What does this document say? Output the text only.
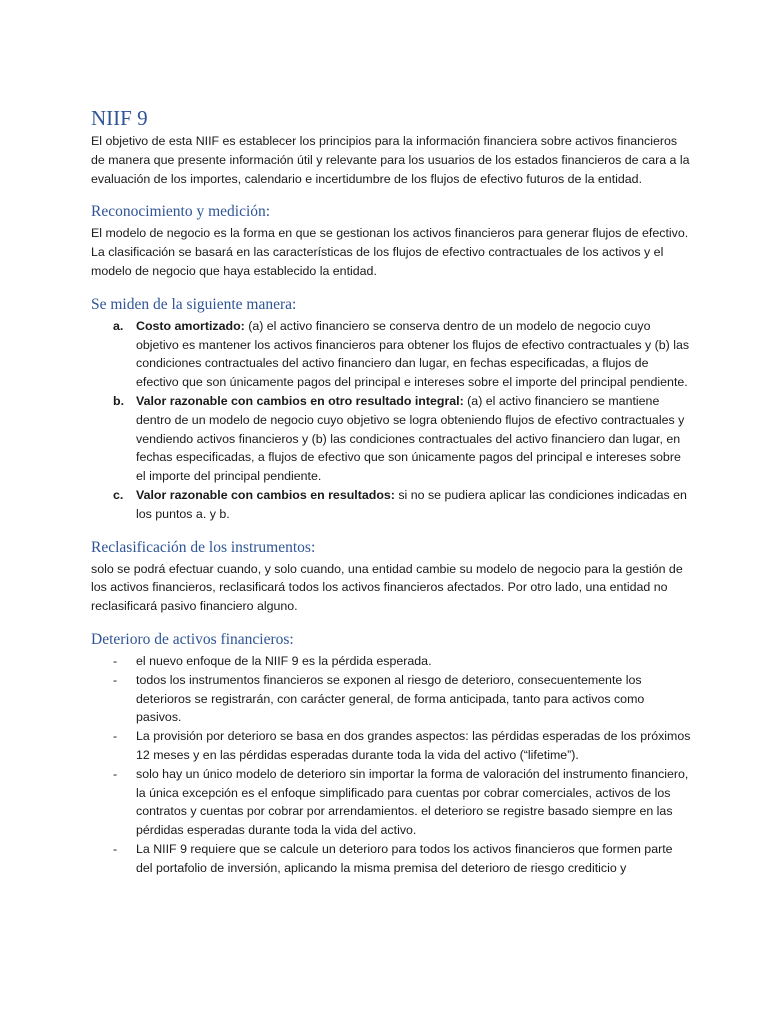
NIIF 9

El objetivo de esta NIIF es establecer los principios para la información financiera sobre activos financieros de manera que presente información útil y relevante para los usuarios de los estados financieros de cara a la evaluación de los importes, calendario e incertidumbre de los flujos de efectivo futuros de la entidad.

Reconocimiento y medición:

El modelo de negocio es la forma en que se gestionan los activos financieros para generar flujos de efectivo. La clasificación se basará en las características de los flujos de efectivo contractuales de los activos y el modelo de negocio que haya establecido la entidad.

Se miden de la siguiente manera:
a. Costo amortizado: (a) el activo financiero se conserva dentro de un modelo de negocio cuyo objetivo es mantener los activos financieros para obtener los flujos de efectivo contractuales y (b) las condiciones contractuales del activo financiero dan lugar, en fechas especificadas, a flujos de efectivo que son únicamente pagos del principal e intereses sobre el importe del principal pendiente.
b. Valor razonable con cambios en otro resultado integral: (a) el activo financiero se mantiene dentro de un modelo de negocio cuyo objetivo se logra obteniendo flujos de efectivo contractuales y vendiendo activos financieros y (b) las condiciones contractuales del activo financiero dan lugar, en fechas especificadas, a flujos de efectivo que son únicamente pagos del principal e intereses sobre el importe del principal pendiente.
c. Valor razonable con cambios en resultados: si no se pudiera aplicar las condiciones indicadas en los puntos a. y b.
Reclasificación de los instrumentos:

solo se podrá efectuar cuando, y solo cuando, una entidad cambie su modelo de negocio para la gestión de los activos financieros, reclasificará todos los activos financieros afectados. Por otro lado, una entidad no reclasificará pasivo financiero alguno.

Deterioro de activos financieros:
- el nuevo enfoque de la NIIF 9 es la pérdida esperada.
- todos los instrumentos financieros se exponen al riesgo de deterioro, consecuentemente los deterioros se registrarán, con carácter general, de forma anticipada, tanto para activos como pasivos.
- La provisión por deterioro se basa en dos grandes aspectos: las pérdidas esperadas de los próximos 12 meses y en las pérdidas esperadas durante toda la vida del activo (“lifetime”).
- solo hay un único modelo de deterioro sin importar la forma de valoración del instrumento financiero, la única excepción es el enfoque simplificado para cuentas por cobrar comerciales, activos de los contratos y cuentas por cobrar por arrendamientos. el deterioro se registre basado siempre en las pérdidas esperadas durante toda la vida del activo.
- La NIIF 9 requiere que se calcule un deterioro para todos los activos financieros que formen parte del portafolio de inversión, aplicando la misma premisa del deterioro de riesgo crediticio y
